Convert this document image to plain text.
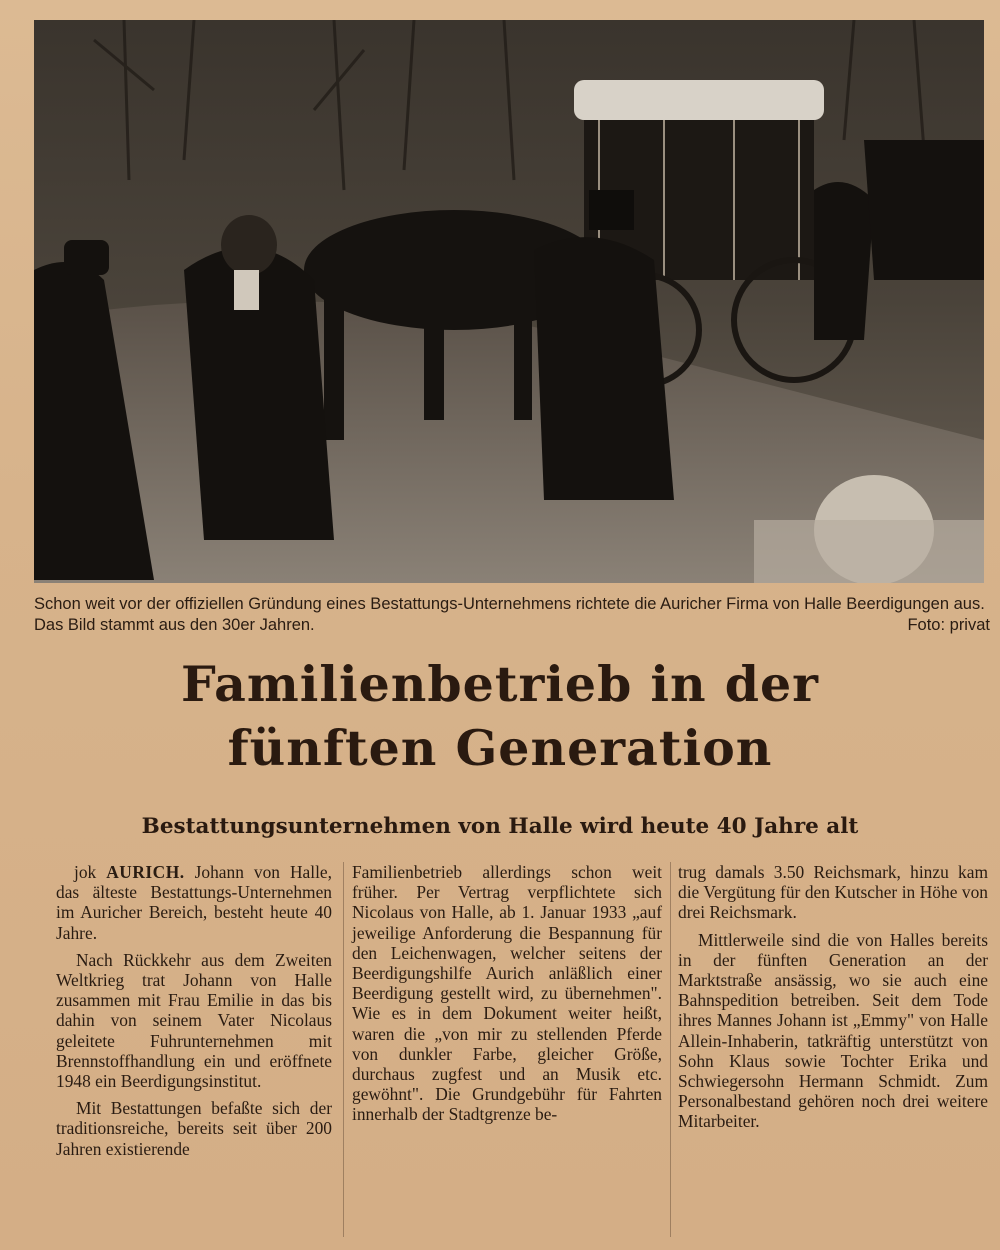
Schon weit vor der offiziellen Gründung eines Bestattungs-Unternehmens richtete die Auricher Firma von Halle Beerdigungen aus. Das Bild stammt aus den 30er Jahren.	Foto: privat
Familienbetrieb in der
fünften Generation
Bestattungsunternehmen von Halle wird heute 40 Jahre alt

jok AURICH. Johann von Halle, das älteste Bestattungs-Unternehmen im Auricher Bereich, besteht heute 40 Jahre.

Nach Rückkehr aus dem Zweiten Weltkrieg trat Johann von Halle zusammen mit Frau Emilie in das bis dahin von seinem Vater Nicolaus geleitete Fuhrunternehmen mit Brennstoffhandlung ein und eröffnete 1948 ein Beerdigungsinstitut.

Mit Bestattungen befaßte sich der traditionsreiche, bereits seit über 200 Jahren existierende

Familienbetrieb allerdings schon weit früher. Per Vertrag verpflichtete sich Nicolaus von Halle, ab 1. Januar 1933 „auf jeweilige Anforderung die Bespannung für den Leichenwagen, welcher seitens der Beerdigungshilfe Aurich anläßlich einer Beerdigung gestellt wird, zu übernehmen". Wie es in dem Dokument weiter heißt, waren die „von mir zu stellenden Pferde von dunkler Farbe, gleicher Größe, durchaus zugfest und an Musik etc. gewöhnt". Die Grundgebühr für Fahrten innerhalb der Stadtgrenze be-

trug damals 3.50 Reichsmark, hinzu kam die Vergütung für den Kutscher in Höhe von drei Reichsmark.

Mittlerweile sind die von Halles bereits in der fünften Generation an der Marktstraße ansässig, wo sie auch eine Bahnspedition betreiben. Seit dem Tode ihres Mannes Johann ist „Emmy" von Halle Allein-Inhaberin, tatkräftig unterstützt von Sohn Klaus sowie Tochter Erika und Schwiegersohn Hermann Schmidt. Zum Personalbestand gehören noch drei weitere Mitarbeiter.
